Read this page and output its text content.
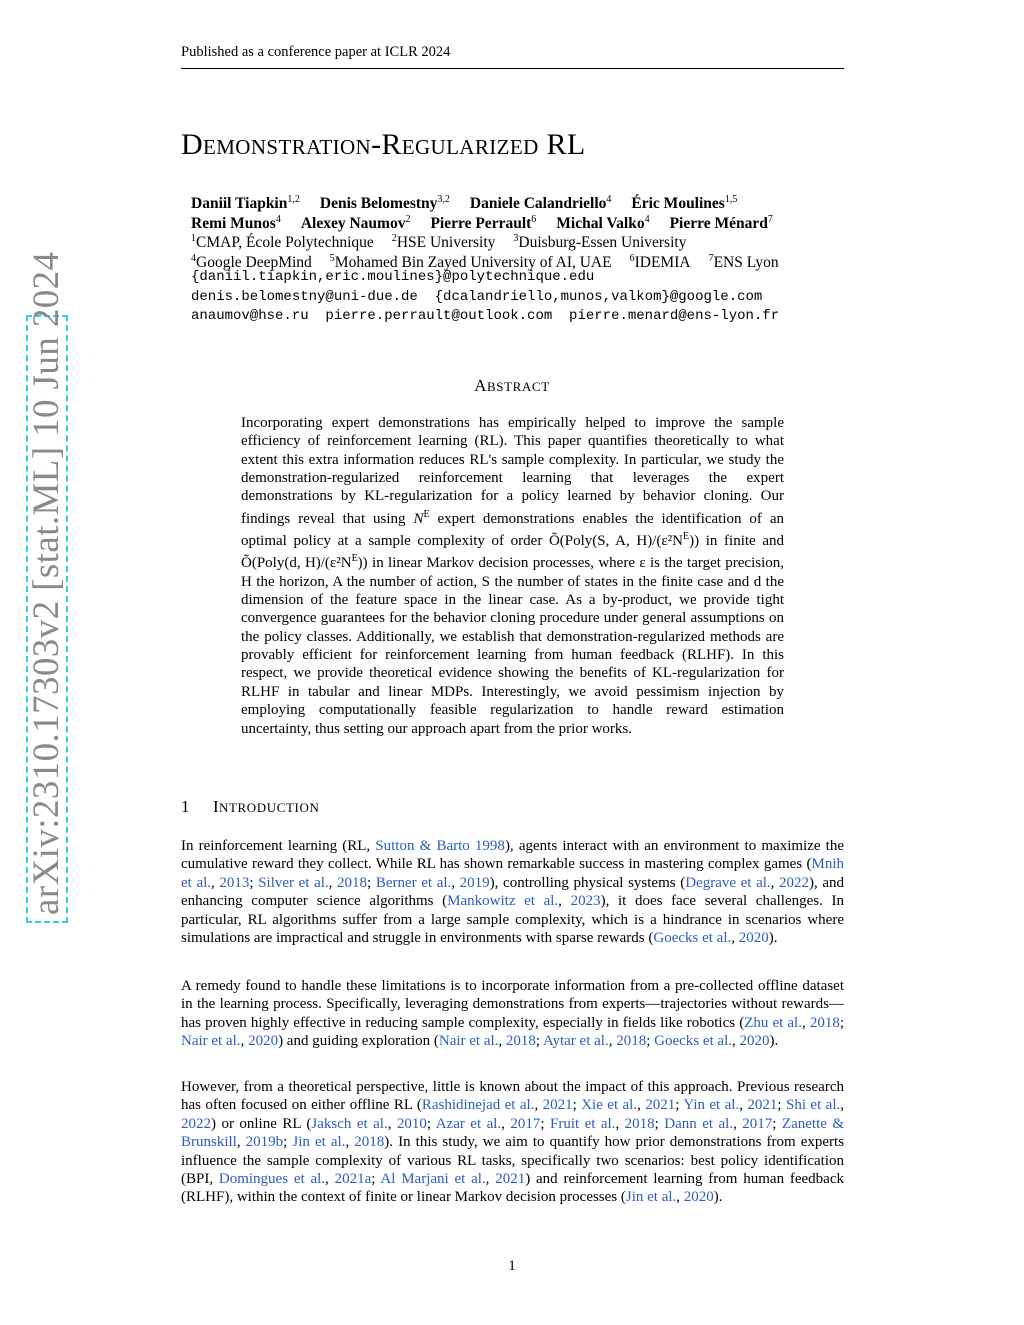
Published as a conference paper at ICLR 2024
arXiv:2310.17303v2 [stat.ML] 10 Jun 2024
DEMONSTRATION-REGULARIZED RL
Daniil Tiapkin$^{1,2}$ Denis Belomestny$^{3,2}$ Daniele Calandriello$^4$ Éric Moulines$^{1,5}$
Remi Munos$^4$ Alexey Naumov$^2$ Pierre Perrault$^6$ Michal Valko$^4$ Pierre Ménard$^7$
$^1$CMAP, École Polytechnique $^2$HSE University $^3$Duisburg-Essen University
$^4$Google DeepMind $^5$Mohamed Bin Zayed University of AI, UAE $^6$IDEMIA $^7$ENS Lyon
{daniil.tiapkin,eric.moulines}@polytechnique.edu
denis.belomestny@uni-due.de  {dcalandriello,munos,valkom}@google.com
anaumov@hse.ru  pierre.perrault@outlook.com  pierre.menard@ens-lyon.fr
ABSTRACT
Incorporating expert demonstrations has empirically helped to improve the sample efficiency of reinforcement learning (RL). This paper quantifies theoretically to what extent this extra information reduces RL's sample complexity. In particular, we study the demonstration-regularized reinforcement learning that leverages the expert demonstrations by KL-regularization for a policy learned by behavior cloning. Our findings reveal that using $N^E$ expert demonstrations enables the identification of an optimal policy at a sample complexity of order Õ(Poly(S, A, $H)/(\varepsilon^2N^E)$) in finite and Õ(Poly(d, $H)/(\varepsilon^2N^E)$) in linear Markov decision processes, where ε is the target precision, H the horizon, A the number of action, S the number of states in the finite case and d the dimension of the feature space in the linear case. As a by-product, we provide tight convergence guarantees for the behavior cloning procedure under general assumptions on the policy classes. Additionally, we establish that demonstration-regularized methods are provably efficient for reinforcement learning from human feedback (RLHF). In this respect, we provide theoretical evidence showing the benefits of KL-regularization for RLHF in tabular and linear MDPs. Interestingly, we avoid pessimism injection by employing computationally feasible regularization to handle reward estimation uncertainty, thus setting our approach apart from the prior works.
1 INTRODUCTION
In reinforcement learning (RL, Sutton & Barto 1998), agents interact with an environment to maximize the cumulative reward they collect. While RL has shown remarkable success in mastering complex games (Mnih et al., 2013; Silver et al., 2018; Berner et al., 2019), controlling physical systems (Degrave et al., 2022), and enhancing computer science algorithms (Mankowitz et al., 2023), it does face several challenges. In particular, RL algorithms suffer from a large sample complexity, which is a hindrance in scenarios where simulations are impractical and struggle in environments with sparse rewards (Goecks et al., 2020).
A remedy found to handle these limitations is to incorporate information from a pre-collected offline dataset in the learning process. Specifically, leveraging demonstrations from experts—trajectories without rewards—has proven highly effective in reducing sample complexity, especially in fields like robotics (Zhu et al., 2018; Nair et al., 2020) and guiding exploration (Nair et al., 2018; Aytar et al., 2018; Goecks et al., 2020).
However, from a theoretical perspective, little is known about the impact of this approach. Previous research has often focused on either offline RL (Rashidinejad et al., 2021; Xie et al., 2021; Yin et al., 2021; Shi et al., 2022) or online RL (Jaksch et al., 2010; Azar et al., 2017; Fruit et al., 2018; Dann et al., 2017; Zanette & Brunskill, 2019b; Jin et al., 2018). In this study, we aim to quantify how prior demonstrations from experts influence the sample complexity of various RL tasks, specifically two scenarios: best policy identification (BPI, Domingues et al., 2021a; Al Marjani et al., 2021) and reinforcement learning from human feedback (RLHF), within the context of finite or linear Markov decision processes (Jin et al., 2020).
1
